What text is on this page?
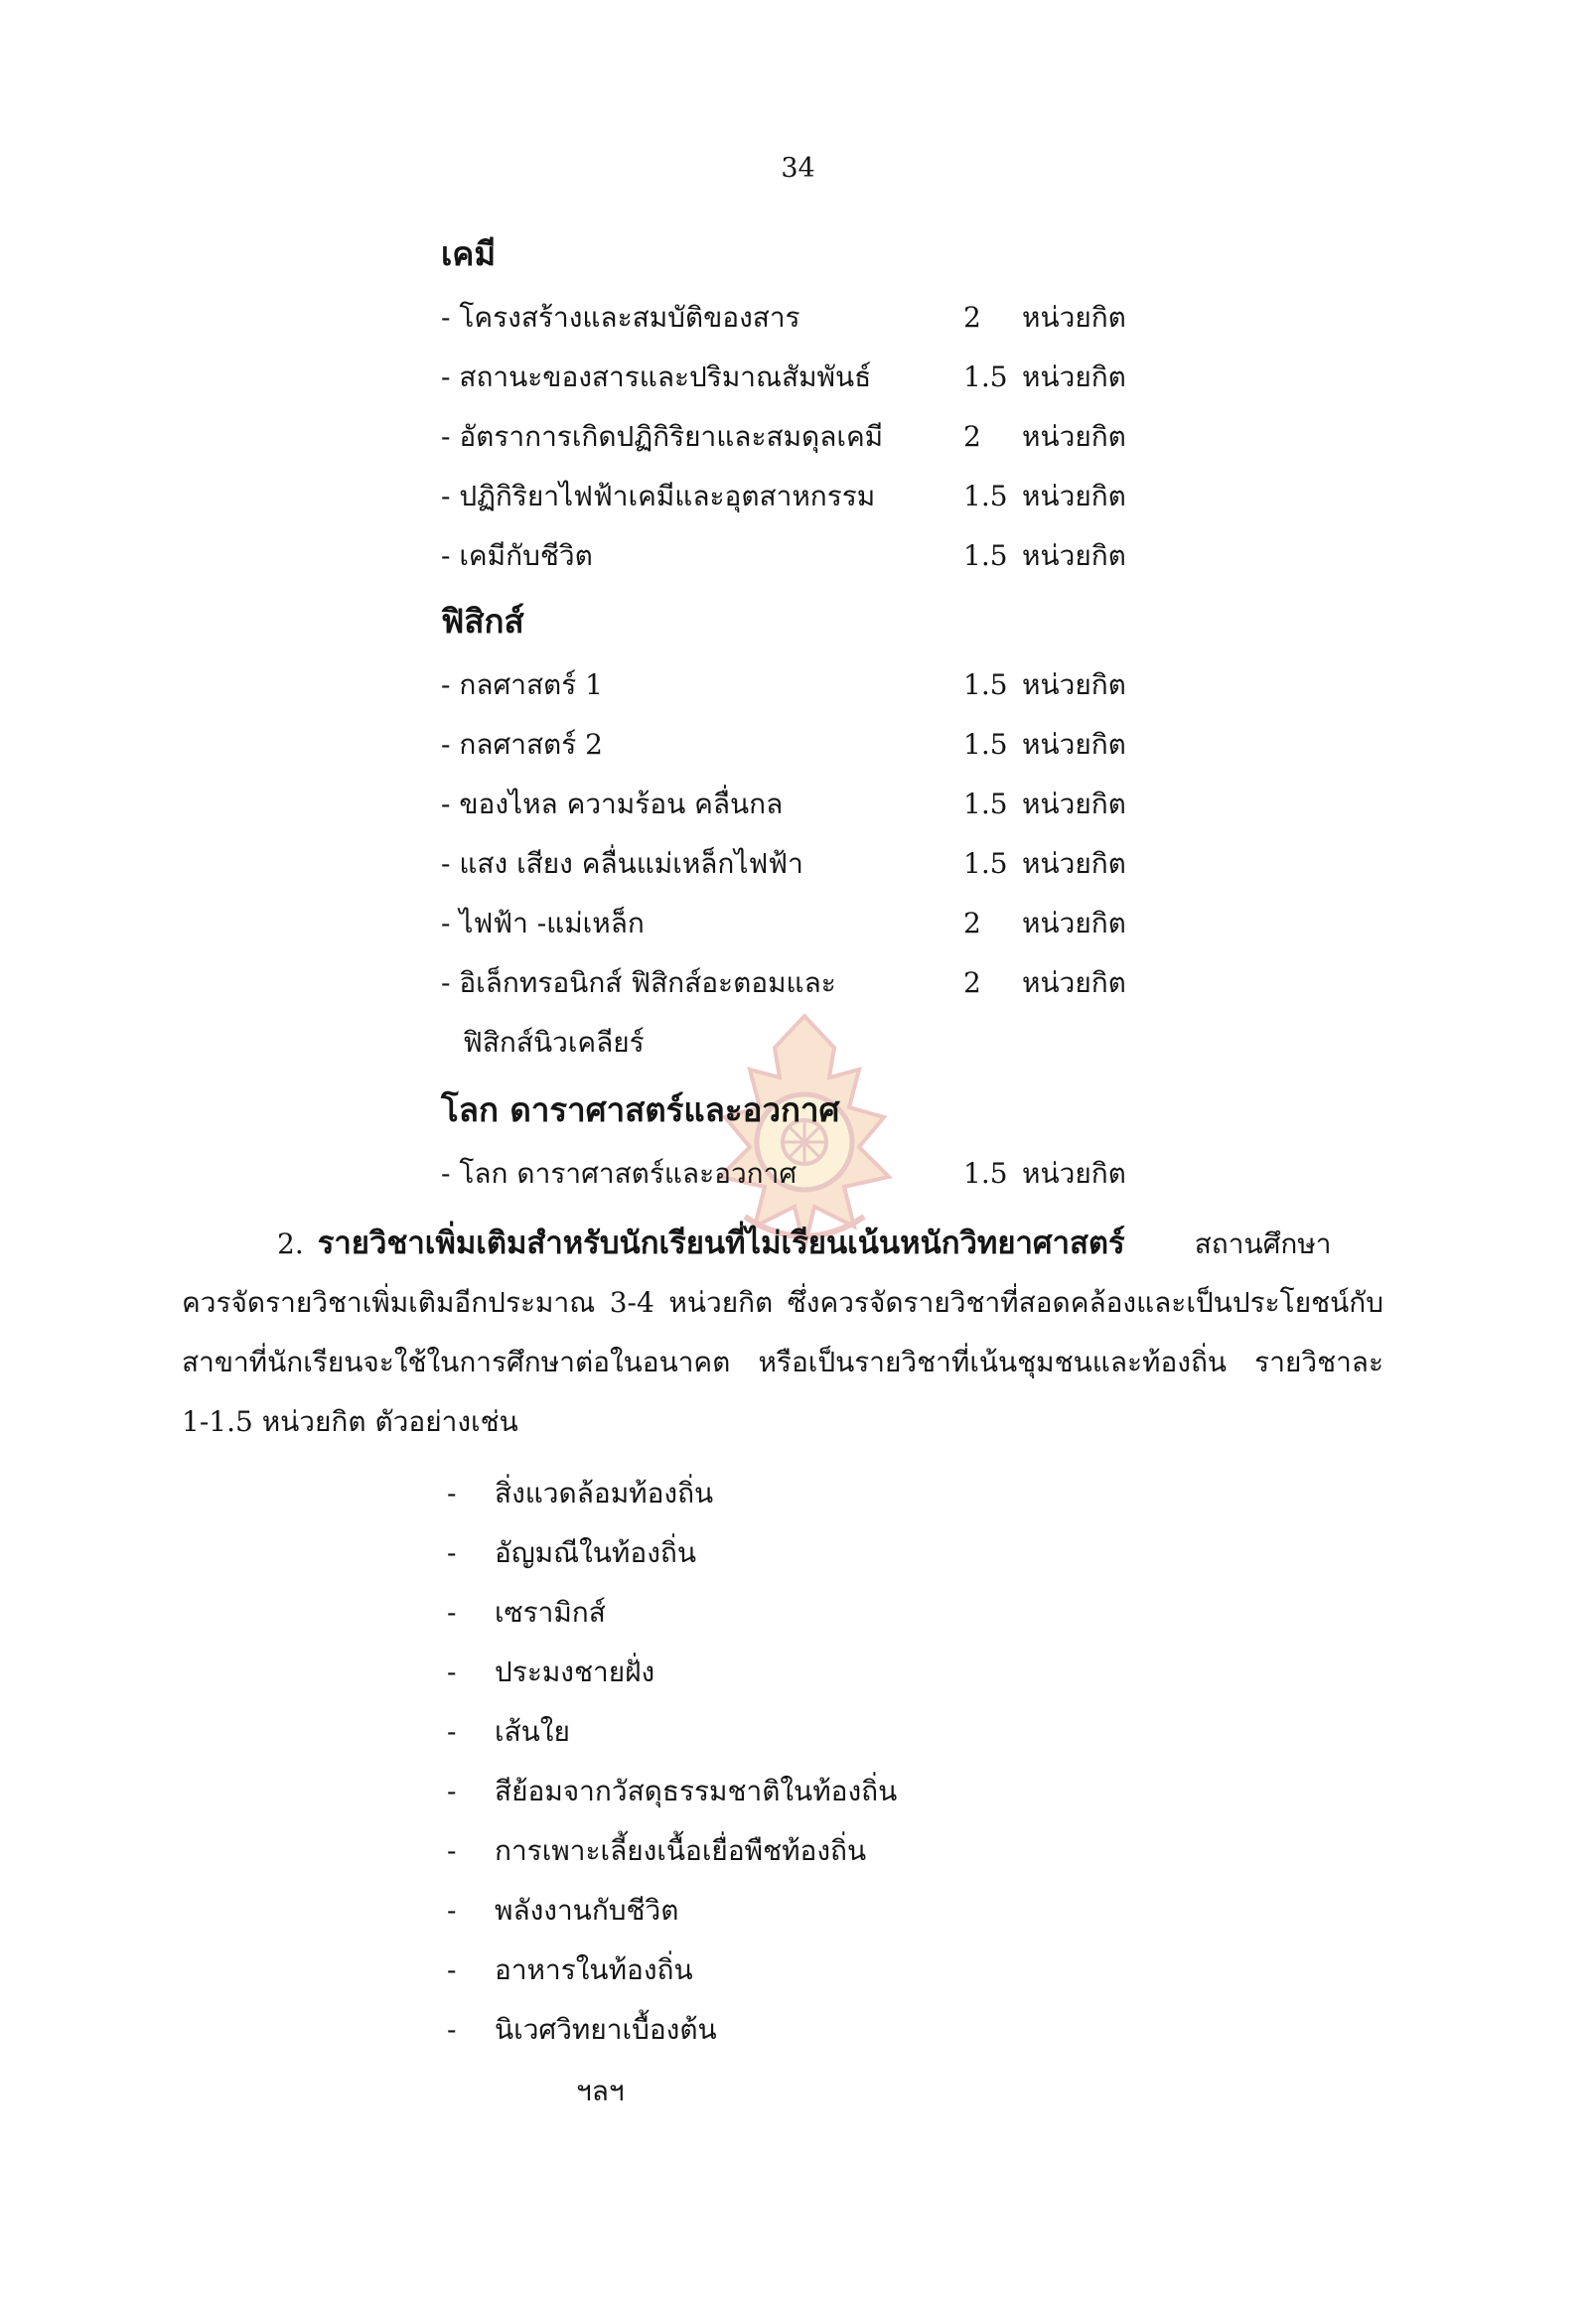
34
เคมี
- โครงสร้างและสมบัติของสาร	2	หน่วยกิต
- สถานะของสารและปริมาณสัมพันธ์	1.5 หน่วยกิต
- อัตราการเกิดปฏิกิริยาและสมดุลเคมี	2	หน่วยกิต
- ปฏิกิริยาไฟฟ้าเคมีและอุตสาหกรรม	1.5 หน่วยกิต
- เคมีกับชีวิต	1.5 หน่วยกิต
ฟิสิกส์
- กลศาสตร์ 1	1.5 หน่วยกิต
- กลศาสตร์ 2	1.5 หน่วยกิต
- ของไหล ความร้อน คลื่นกล	1.5 หน่วยกิต
- แสง เสียง คลื่นแม่เหล็กไฟฟ้า	1.5 หน่วยกิต
- ไฟฟ้า -แม่เหล็ก	2	หน่วยกิต
- อิเล็กทรอนิกส์ ฟิสิกส์อะตอมและ	2	หน่วยกิต
ฟิสิกส์นิวเคลียร์
โลก ดาราศาสตร์และอวกาศ
- โลก ดาราศาสตร์และอวกาศ	1.5 หน่วยกิต
2. รายวิชาเพิ่มเติมสำหรับนักเรียนที่ไม่เรียนเน้นหนักวิทยาศาสตร์	สถานศึกษา
ควรจัดรายวิชาเพิ่มเติมอีกประมาณ 3-4 หน่วยกิต ซึ่งควรจัดรายวิชาที่สอดคล้องและเป็นประโยชน์กับ
สาขาที่นักเรียนจะใช้ในการศึกษาต่อในอนาคต หรือเป็นรายวิชาที่เน้นชุมชนและท้องถิ่น รายวิชาละ
1-1.5 หน่วยกิต ตัวอย่างเช่น
- สิ่งแวดล้อมท้องถิ่น
- อัญมณีในท้องถิ่น
- เซรามิกส์
- ประมงชายฝั่ง
- เส้นใย
- สีย้อมจากวัสดุธรรมชาติในท้องถิ่น
- การเพาะเลี้ยงเนื้อเยื่อพืชท้องถิ่น
- พลังงานกับชีวิต
- อาหารในท้องถิ่น
- นิเวศวิทยาเบื้องต้น
ฯลฯ
